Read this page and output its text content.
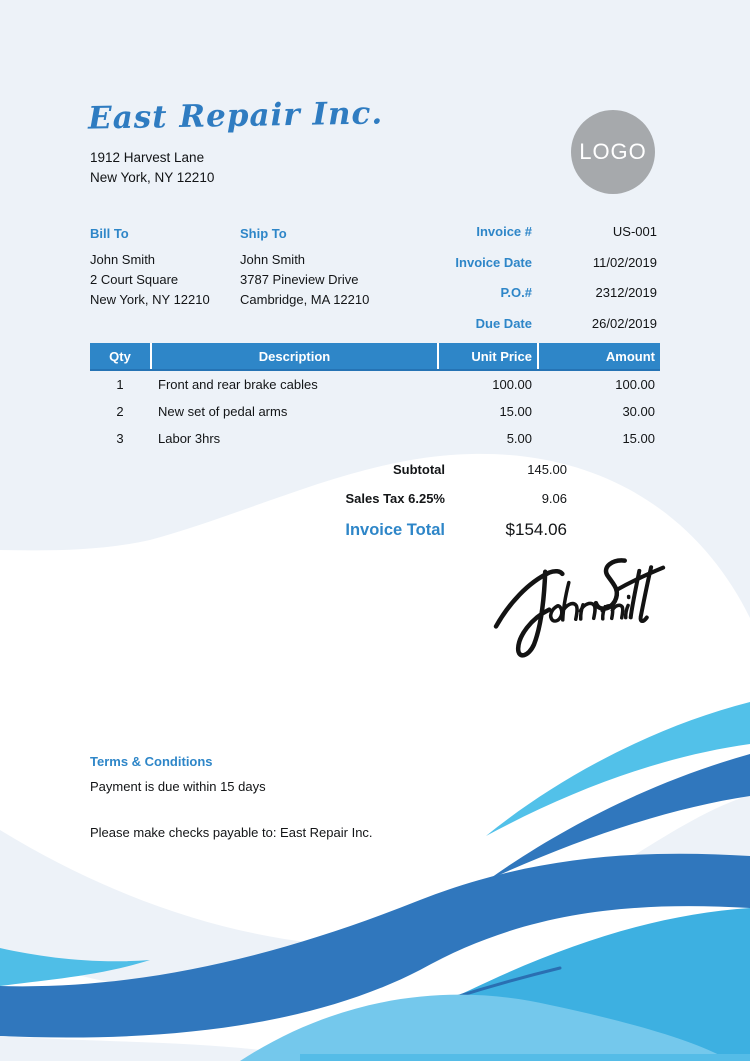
East Repair Inc.
1912 Harvest Lane
New York, NY 12210
LOGO
Bill To
John Smith
2 Court Square
New York, NY 12210
Ship To
John Smith
3787 Pineview Drive
Cambridge, MA 12210
Invoice #	US-001
Invoice Date	11/02/2019
P.O.#	2312/2019
Due Date	26/02/2019
Qty	Description	Unit Price	Amount
1	Front and rear brake cables	100.00	100.00
2	New set of pedal arms	15.00	30.00
3	Labor 3hrs	5.00	15.00
Subtotal	145.00
Sales Tax 6.25%	9.06
Invoice Total	$154.06
Terms & Conditions
Payment is due within 15 days
Please make checks payable to: East Repair Inc.
